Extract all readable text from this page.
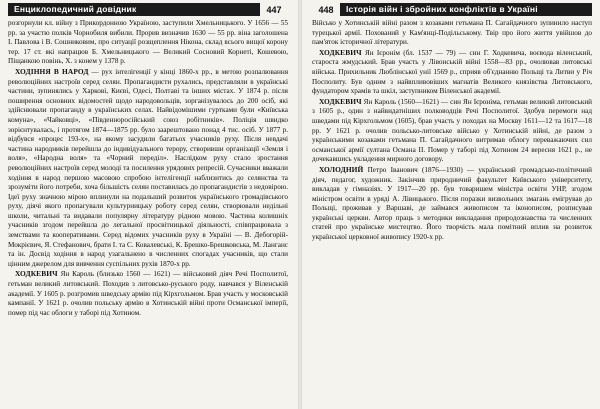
Енциклопедичний довідник	447

розгорнули кл. війну з Прикордонною Україною, заступили Хмельницького. У 1656 — 55 рр. за участю полків Чорнобиля вибили. Прорив визначив 1630 — 55 рр. віна заголошена І. Павлова і В. Сошниковим, про ситуації розщеплення Нікона, склад всього вищої корону тер. 17 ст. які напрацюв Б. Хмельницького — Великий Сосновий Корнеті, Кошевою, Піщанкою повінь, Х. з конем у 1378 р.

ХОДІННЯ В НАРОД — рух інтелігенції у кінці 1860-х рр., в метою розпалювання революційних настроїв серед селян. Пропагандисти рухались, представляли в українські частини, зупинялись у Харкові, Києві, Одесі, Полтаві та інших містах. У 1874 р. після поширення основних відомостей щодо народовольців, зорганізувалось до 200 осіб, які здійснювали пропаганду в українських селах. Найвідомішими гуртками були «Київська комуна», «Чайковці», «Південноросійський союз робітників». Поліція швидко зорієнтувалась, і протягом 1874—1875 рр. було заарештовано понад 4 тис. осіб. У 1877 р. відбувся «процес 193-х», на якому засудили багатьох учасників руху. Після невдачі частина народників перейшла до індивідуального терору, створивши організації «Земля і воля», «Народна воля» та «Чорний переділ». Наслідком руху стало зростання революційних настроїв серед молоді та посилення урядових репресій. Сучасники вважали ходіння в народ першою масовою спробою інтелігенції наблизитись до селянства та зрозуміти його потреби, хоча більшість селян поставилась до пропагандистів з недовірою. Ідеї руху значною мірою вплинули на подальший розвиток українського громадівського руху, діячі якого пропагували культурницьку роботу серед селян, створювали недільні школи, читальні та видавали популярну літературу рідною мовою. Частина колишніх учасників згодом перейшла до легальної просвітницької діяльності, співпрацювала з земствами та кооперативами. Серед відомих учасників руху в Україні — В. Дебогорій-Мокрієвич, Я. Стефанович, брати І. та С. Ковалевські, К. Брешко-Брешковська, М. Ланганс та ін. Досвід ходіння в народ узагальнено в численних спогадах учасників, що стали цінним джерелом для вивчення суспільних рухів 1870-х рр.

ХОДКЕВИЧ Ян Кароль (близько 1560 — 1621) — військовий діяч Речі Посполитої, гетьман великий литовський. Походив з литовсько-руського роду, навчався у Віленській академії. У 1605 р. розгромив шведську армію під Кірхгольмом. Брав участь у московській кампанії. У 1621 р. очолив польську армію в Хотинській війні проти Османської імперії, помер під час облоги у таборі під Хотином.

448	Історія війн і збройних конфліктів в Україні

Військо у Хотинській війні разом з козаками гетьмана П. Сагайдачного зупинило наступ турецької армії. Похований у Кам'янці-Подільському. Твір про його життя увійшов до пам'яток історичної літератури.

ХОДКЕВИЧ Ян Ієронім (бл. 1537 — 79) — син Г. Ходкевича, воєвода віленський, староста жмудський. Брав участь у Лівонській війні 1558—83 рр., очолював литовські війська. Прихильник Люблінської унії 1569 р., сприяв об'єднанню Польщі та Литви у Річ Посполиту. Був одним з найвпливовіших магнатів Великого князівства Литовського, фундатором храмів та шкіл, заступником Віленської академії.

ХОДКЕВИЧ Ян Кароль (1560—1621) — син Ян Ієроніма, гетьман великий литовський з 1605 р., один з найвидатніших полководців Речі Посполитої. Здобув перемоги над шведами під Кірхгольмом (1605), брав участь у походах на Москву 1611—12 та 1617—18 рр. У 1621 р. очолив польсько-литовське військо у Хотинській війні, де разом з українськими козаками гетьмана П. Сагайдачного витримав облогу переважаючих сил османської армії султана Османа II. Помер у таборі під Хотином 24 вересня 1621 р., не дочекавшись укладення мирного договору.

ХОЛОДНИЙ Петро Іванович (1876—1930) — український громадсько-політичний діяч, педагог, художник. Закінчив природничий факультет Київського університету, викладав у гімназіях. У 1917—20 рр. був товаришем міністра освіти УНР, згодом міністром освіти в уряді А. Лівицького. Після поразки визвольних змагань емігрував до Польщі, проживав у Варшаві, де займався живописом та іконописом, розписував українські церкви. Автор праць з методики викладання природознавства та численних статей про українське мистецтво. Його творчість мала помітний вплив на розвиток української церковної живопису 1920-х рр.
